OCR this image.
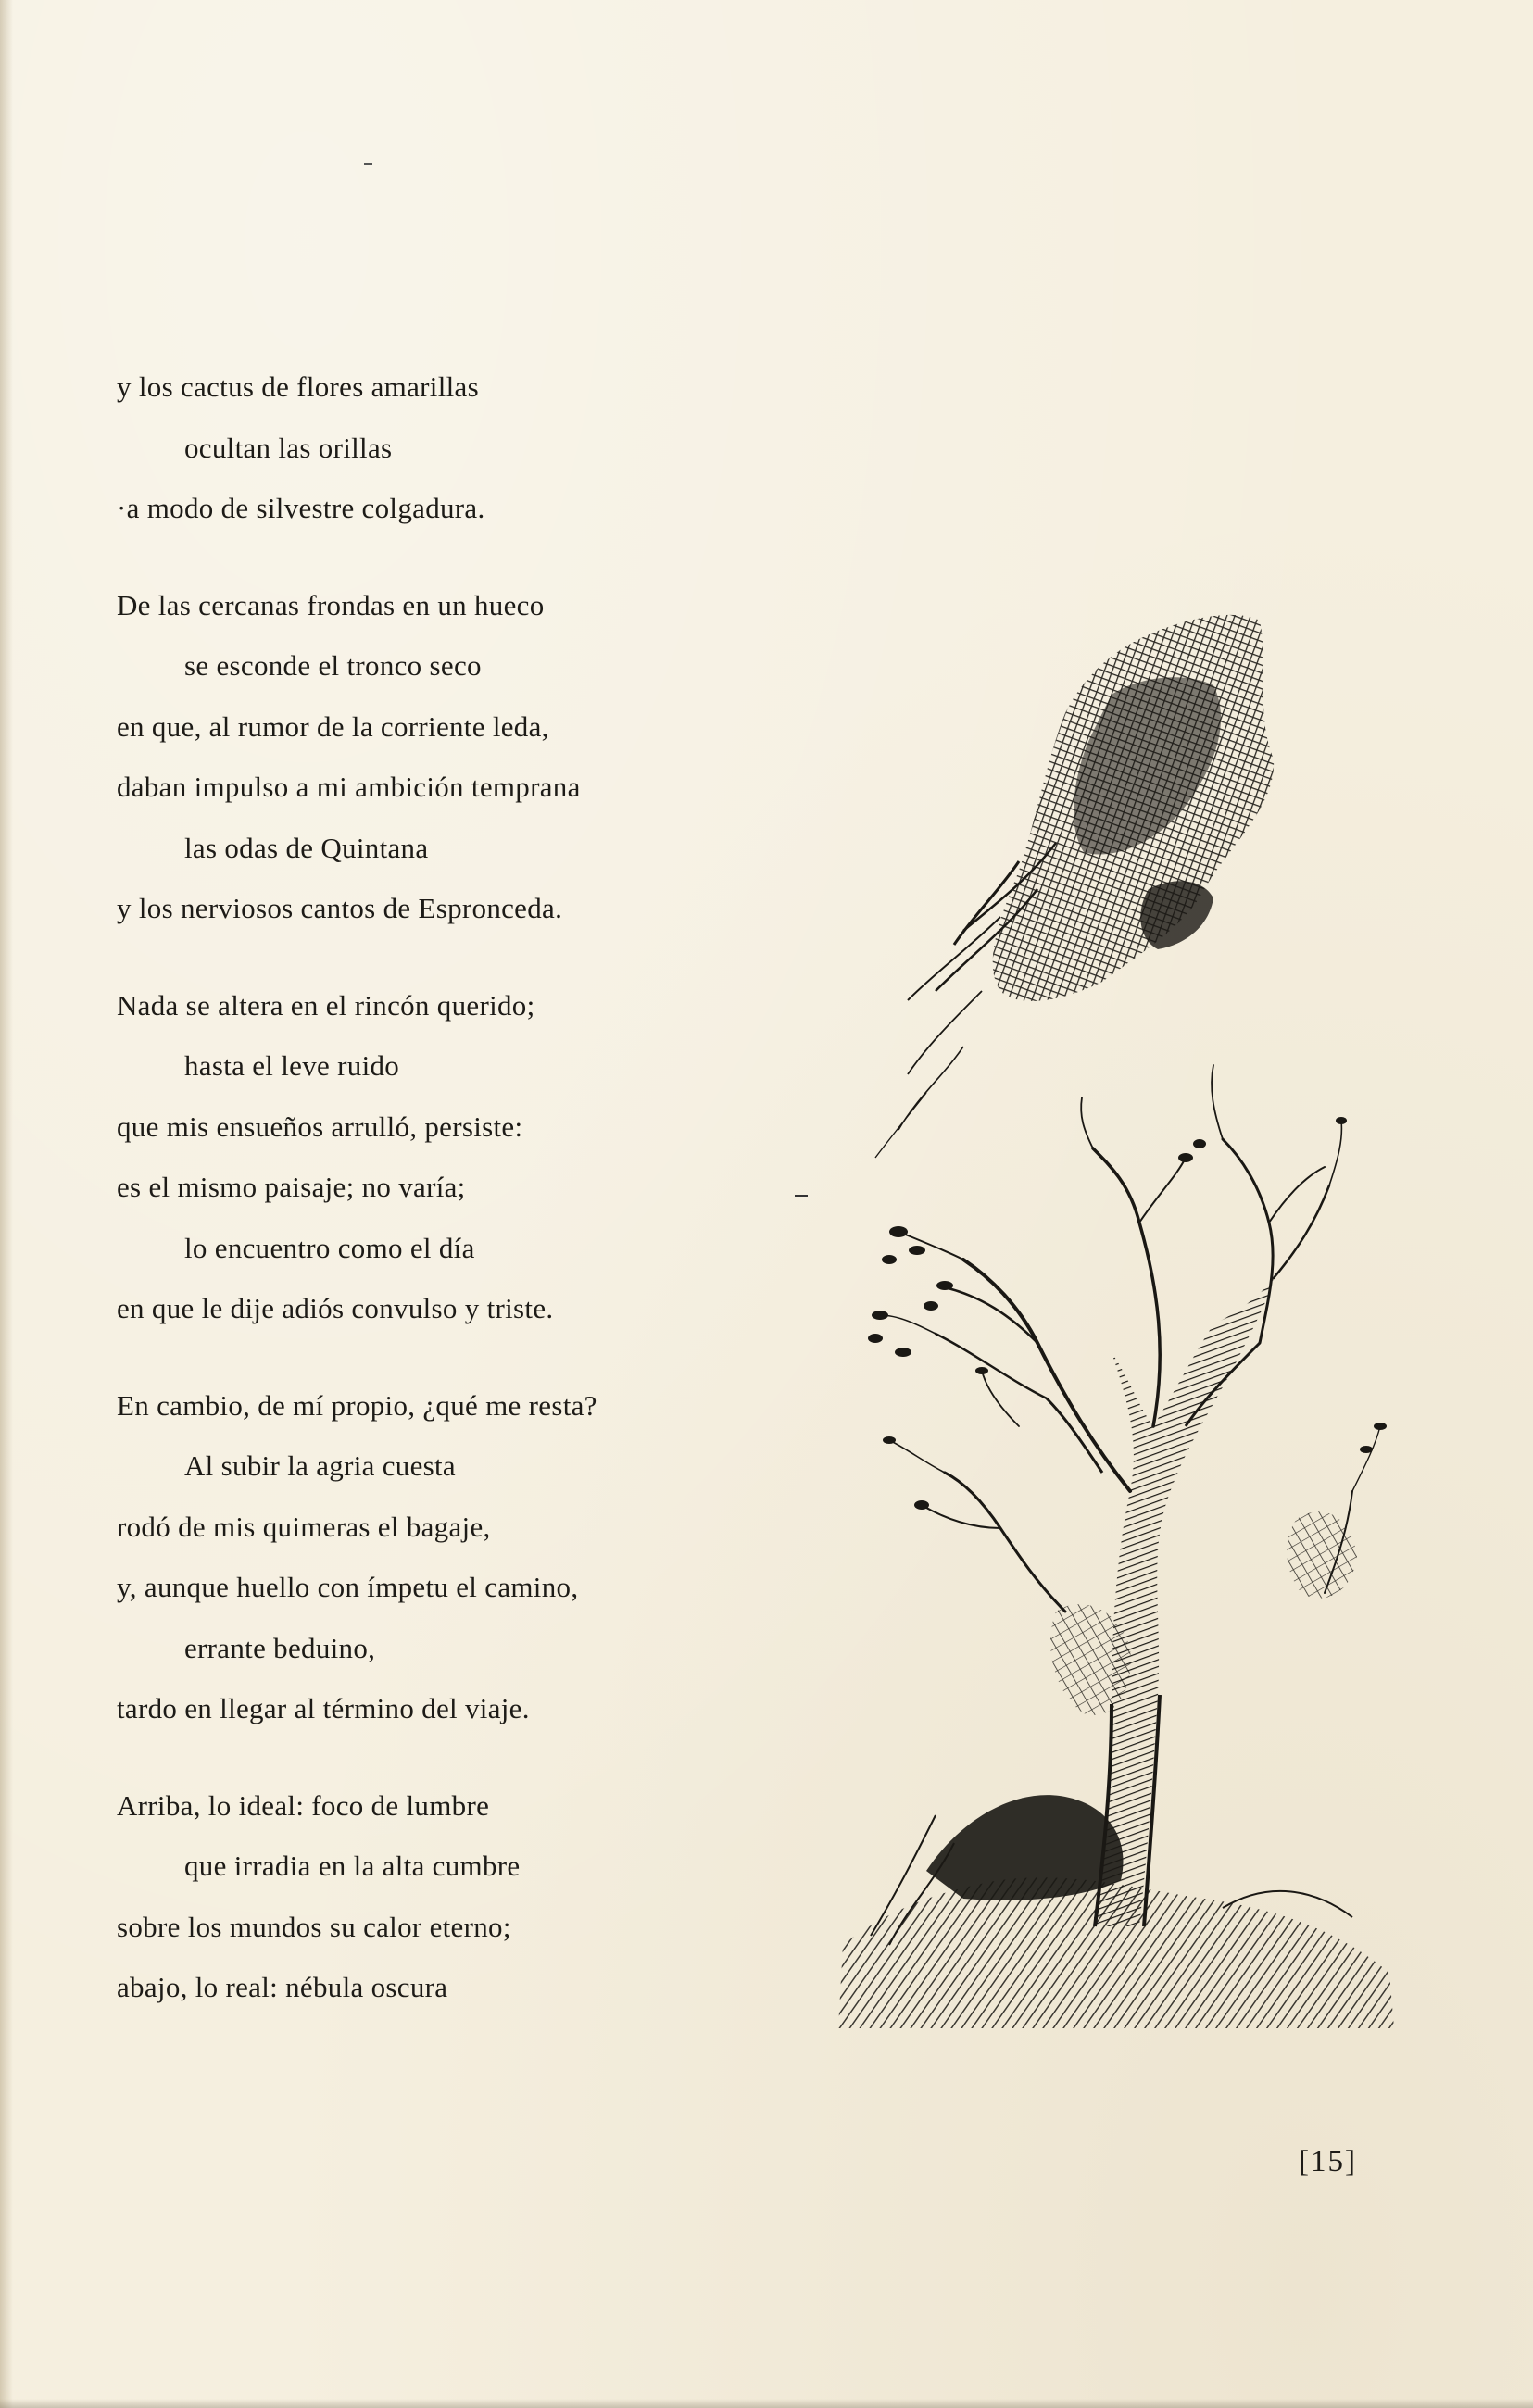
y los cactus de flores amarillas
ocultan las orillas
·a modo de silvestre colgadura.
De las cercanas frondas en un hueco
se esconde el tronco seco
en que, al rumor de la corriente leda,
daban impulso a mi ambición temprana
las odas de Quintana
y los nerviosos cantos de Espronceda.
Nada se altera en el rincón querido;
hasta el leve ruido
que mis ensueños arrulló, persiste:
es el mismo paisaje; no varía;
lo encuentro como el día
en que le dije adiós convulso y triste.
En cambio, de mí propio, ¿qué me resta?
Al subir la agria cuesta
rodó de mis quimeras el bagaje,
y, aunque huello con ímpetu el camino,
errante beduino,
tardo en llegar al término del viaje.
Arriba, lo ideal: foco de lumbre
que irradia en la alta cumbre
sobre los mundos su calor eterno;
abajo, lo real: nébula oscura
[15]
